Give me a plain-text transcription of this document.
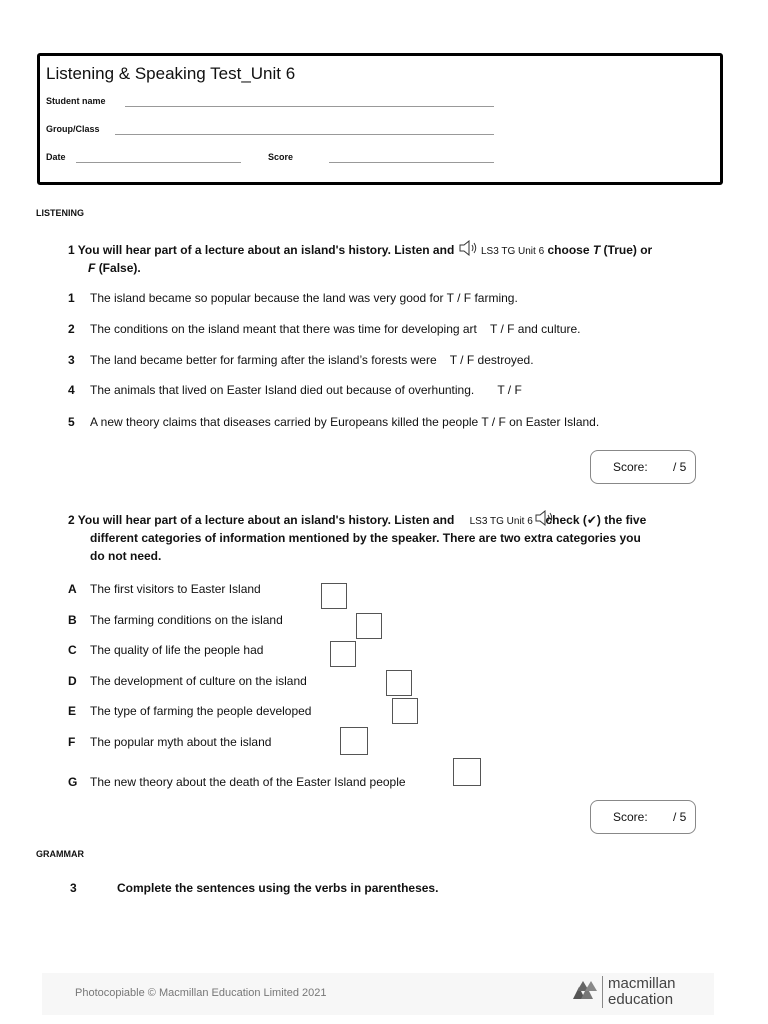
Listening & Speaking Test_Unit 6
Student name
Group/Class
Date	Score
LISTENING
1 You will hear part of a lecture about an island's history. Listen and	LS3 TG Unit 6 choose T (True) or
F (False).
1 The island became so popular because the land was very good for T / F farming.
2 The conditions on the island meant that there was time for developing art    T / F and culture.
3 The land became better for farming after the island’s forests were    T / F destroyed.
4 The animals that lived on Easter Island died out because of overhunting.       T / F
5 A new theory claims that diseases carried by Europeans killed the people T / F on Easter Island.
Score: / 5
2 You will hear part of a lecture about an island's history. Listen and LS3 TG Unit 6 check (✔) the five
different categories of information mentioned by the speaker. There are two extra categories you
do not need.
A The first visitors to Easter Island
B The farming conditions on the island
C The quality of life the people had
D The development of culture on the island
E The type of farming the people developed
F The popular myth about the island
G The new theory about the death of the Easter Island people
Score: / 5
GRAMMAR
3	Complete the sentences using the verbs in parentheses.
Photocopiable © Macmillan Education Limited 2021
macmillan
education
